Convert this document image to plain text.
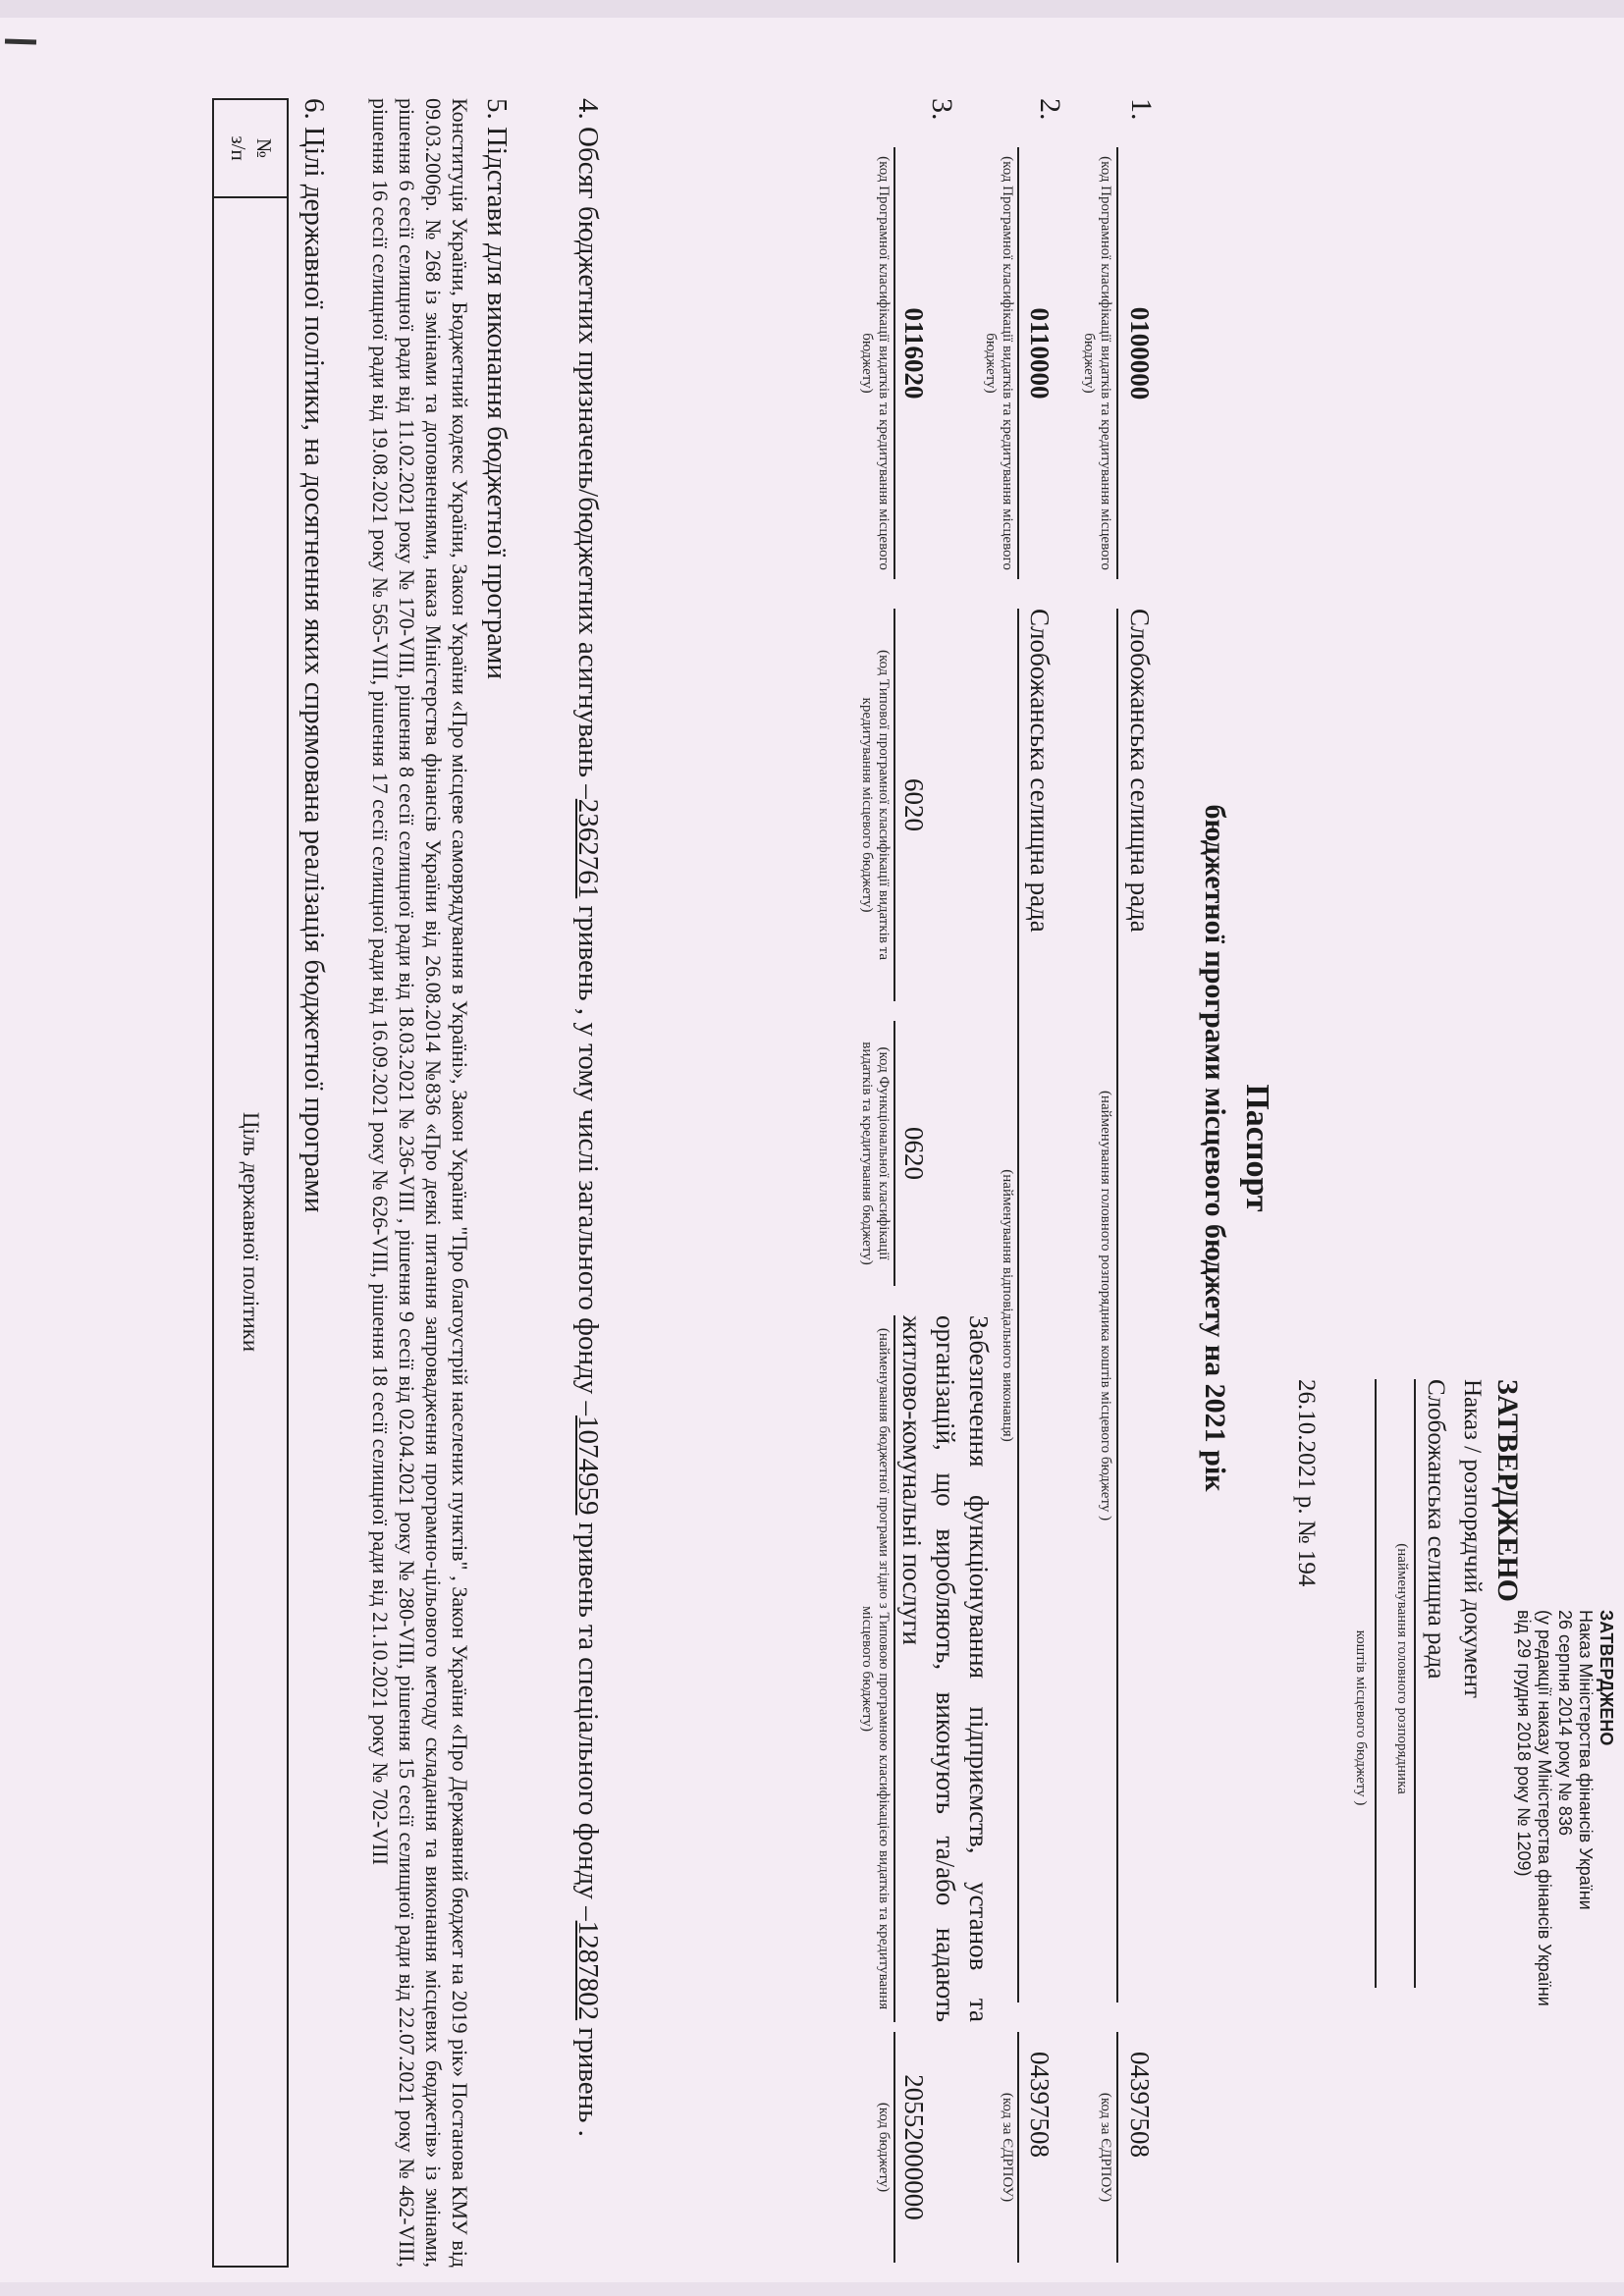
ЗАТВЕРДЖЕНО
Наказ Міністерства фінансів України
26 серпня 2014 року № 836
(у редакції наказу Міністерства фінансів України
від 29 грудня 2018 року № 1209)
ЗАТВЕРДЖЕНО
Наказ / розпорядчий документ
Слобожанська селищна рада
(найменування головного розпорядника
коштів місцевого бюджету )
26.10.2021 р. № 194
Паспорт
бюджетної програми місцевого бюджету на 2021 рік
1.
0100000
(код Програмної класифікації видатків та кредитування місцевого бюджету)
Слобожанська селищна рада
(найменування головного розпорядника коштів місцевого бюджету )
04397508
(код за ЄДРПОУ)
2.
0110000
(код Програмної класифікації видатків та кредитування місцевого бюджету)
Слобожанська селищна рада
(найменування відповідального виконавця)
04397508
(код за ЄДРПОУ)
3.
0116020
(код Програмної класифікації видатків та кредитування місцевого бюджету)
6020
(код Типової програмної класифікації видатків та кредитування місцевого бюджету)
0620
(код Функціональної класифікації видатків та кредитування бюджету)
Забезпечення функціонування підприємств, установ та організацій, що виробляють, виконують та/або надають житлово-комунальні послуги
(найменування бюджетної програми згідно з Типовою програмною класифікацією видатків та кредитування місцевого бюджету)
20552000000
(код бюджету)
4. Обсяг бюджетних призначень/бюджетних асигнувань –2362761 гривень , у тому числі загального фонду –1074959 гривень та спеціального фонду –1287802 гривень .
5. Підстави для виконання бюджетної програми
Конституція України, Бюджетний кодекс України, Закон України «Про місцеве самоврядування в Україні», Закон України "Про благоустрій населених пунктів" , Закон України «Про Державний бюджет на 2019 рік» Постанова КМУ від 09.03.2006р. № 268 із змінами та доповненнями, наказ Міністерства фінансів України від 26.08.2014 №836 «Про деякі питання запровадження програмно-цільового методу складання та виконання місцевих бюджетів» із змінами, рішення 6 сесії селищної ради від 11.02.2021 року № 170-VIII, рішення 8 сесії селищної ради від 18.03.2021 № 236-VIII , рішення 9 сесії від 02.04.2021 року № 280-VIII, рішення 15 сесії селищної ради від 22.07.2021 року № 462-VIII, рішення 16 сесії селищної ради від 19.08.2021 року № 565-VIII, рішення 17 сесії селищної ради від 16.09.2021 року № 626-VIII, рішення 18 сесії селищної ради від 21.10.2021 року № 702-VIII
6. Цілі державної політики, на досягнення яких спрямована реалізація бюджетної програми
№
з/п
Ціль державної політики
